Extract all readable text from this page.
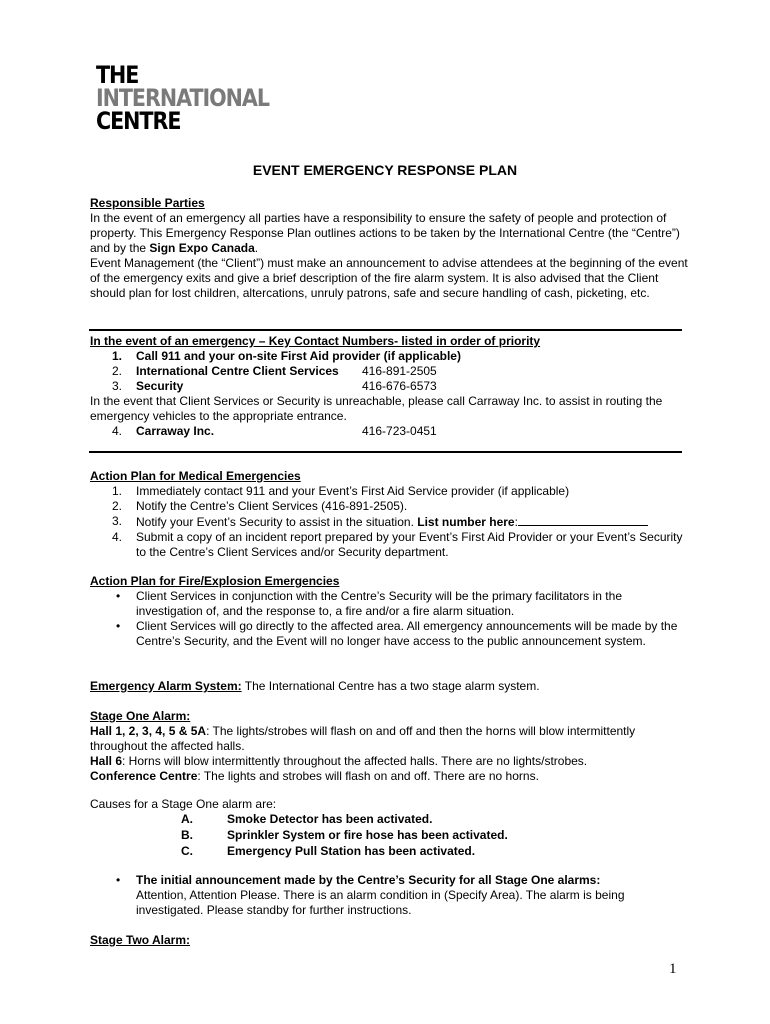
THE
INTERNATIONAL
CENTRE
EVENT EMERGENCY RESPONSE PLAN

Responsible Parties

In the event of an emergency all parties have a responsibility to ensure the safety of people and protection of property. This Emergency Response Plan outlines actions to be taken by the International Centre (the “Centre”) and by the Sign Expo Canada.

Event Management (the “Client”) must make an announcement to advise attendees at the beginning of the event of the emergency exits and give a brief description of the fire alarm system. It is also advised that the Client should plan for lost children, altercations, unruly patrons, safe and secure handling of cash, picketing, etc.

In the event of an emergency – Key Contact Numbers- listed in order of priority

1. Call 911 and your on-site First Aid provider (if applicable)
2. International Centre Client Services 416-891-2505
3. Security	416-676-6573

In the event that Client Services or Security is unreachable, please call Carraway Inc. to assist in routing the emergency vehicles to the appropriate entrance.

4. Carraway Inc.	416-723-0451

Action Plan for Medical Emergencies

1. Immediately contact 911 and your Event’s First Aid Service provider (if applicable)
2. Notify the Centre’s Client Services (416-891-2505).
3. Notify your Event’s Security to assist in the situation. List number here:
4. Submit a copy of an incident report prepared by your Event’s First Aid Provider or your Event’s Security to the Centre’s Client Services and/or Security department.

Action Plan for Fire/Explosion Emergencies

• Client Services in conjunction with the Centre’s Security will be the primary facilitators in the investigation of, and the response to, a fire and/or a fire alarm situation.
• Client Services will go directly to the affected area. All emergency announcements will be made by the Centre’s Security, and the Event will no longer have access to the public announcement system.

Emergency Alarm System: The International Centre has a two stage alarm system.

Stage One Alarm:

Hall 1, 2, 3, 4, 5 & 5A: The lights/strobes will flash on and off and then the horns will blow intermittently throughout the affected halls.

Hall 6: Horns will blow intermittently throughout the affected halls. There are no lights/strobes.

Conference Centre: The lights and strobes will flash on and off. There are no horns.

Causes for a Stage One alarm are:

A.	Smoke Detector has been activated.
B.	Sprinkler System or fire hose has been activated.
C.	Emergency Pull Station has been activated.
• The initial announcement made by the Centre’s Security for all Stage One alarms:

Attention, Attention Please. There is an alarm condition in (Specify Area). The alarm is being investigated. Please standby for further instructions.

Stage Two Alarm:

1
